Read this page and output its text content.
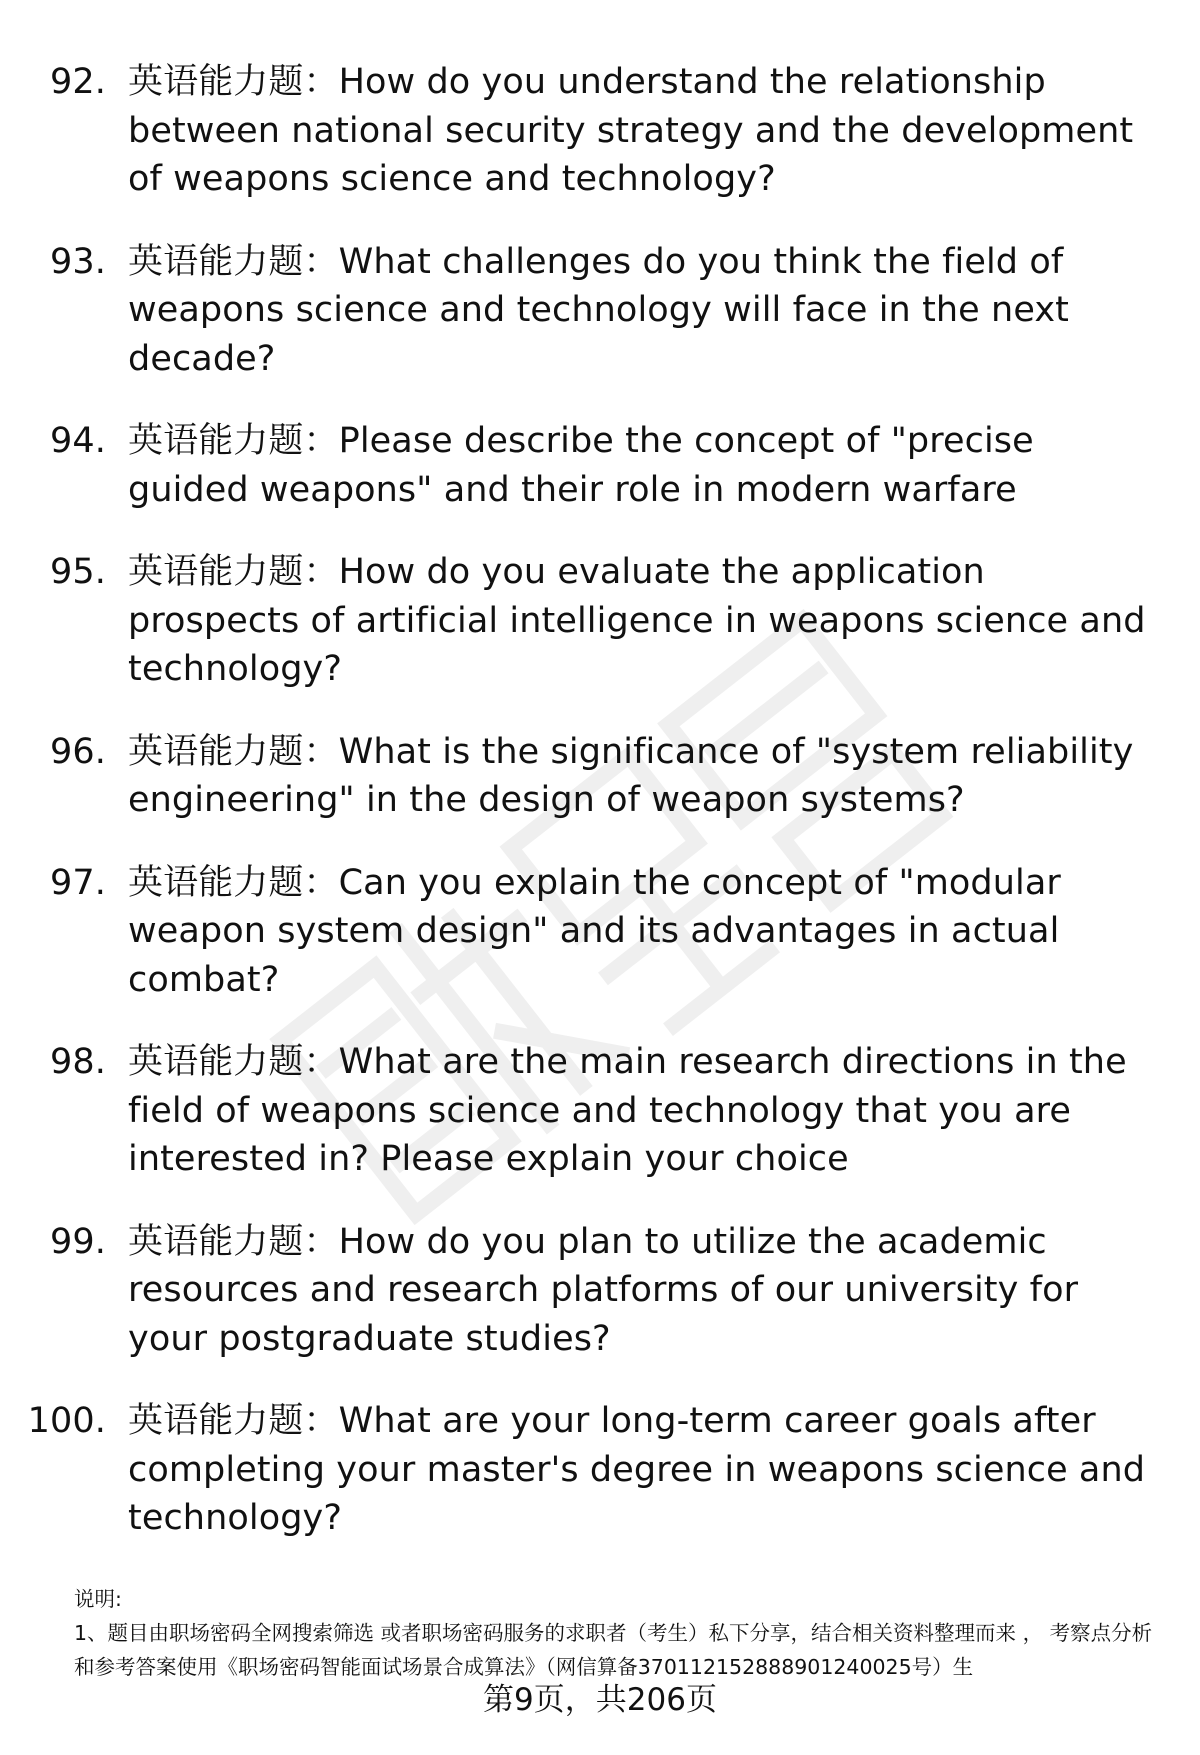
92. 英语能力题：How do you understand the relationship between national security strategy and the development of weapons science and technology?
93. 英语能力题：What challenges do you think the field of weapons science and technology will face in the next decade?
94. 英语能力题：Please describe the concept of "precise guided weapons" and their role in modern warfare
95. 英语能力题：How do you evaluate the application prospects of artificial intelligence in weapons science and technology?
96. 英语能力题：What is the significance of "system reliability engineering" in the design of weapon systems?
97. 英语能力题：Can you explain the concept of "modular weapon system design" and its advantages in actual combat?
98. 英语能力题：What are the main research directions in the field of weapons science and technology that you are interested in? Please explain your choice
99. 英语能力题：How do you plan to utilize the academic resources and research platforms of our university for your postgraduate studies?
100. 英语能力题：What are your long-term career goals after completing your master's degree in weapons science and technology?

说明:

1、题目由职场密码全网搜索筛选 或者职场密码服务的求职者（考生）私下分享，结合相关资料整理而来 ， 考察点分析和参考答案使用《职场密码智能面试场景合成算法》（网信算备370112152888901240025号）生

第9页，共206页
